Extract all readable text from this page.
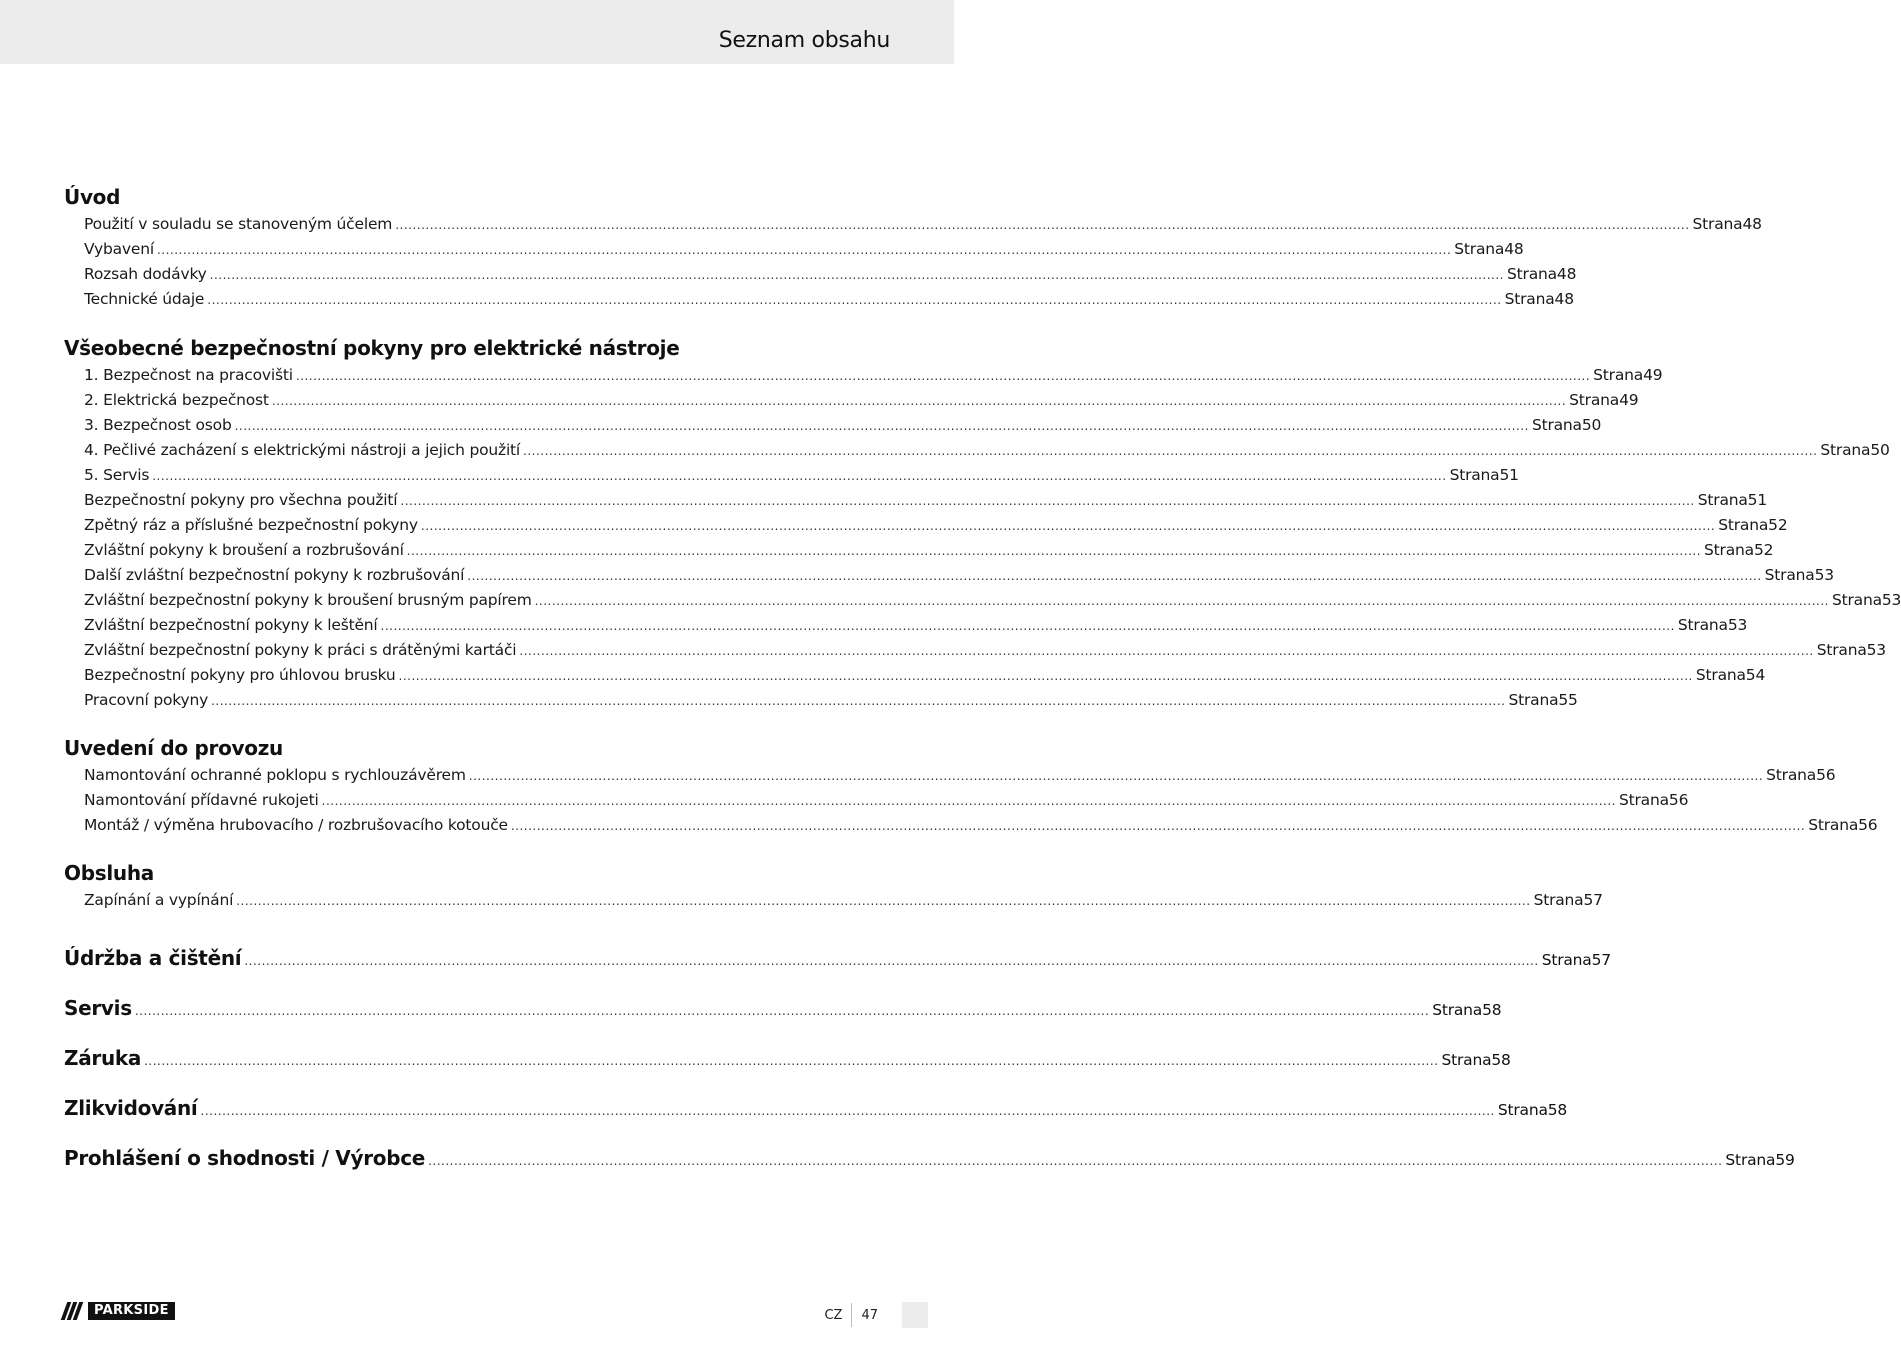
Seznam obsahu
Úvod
Použití v souladu se stanoveným účelem ............................................................................................................................................................................................................................................................................................................ Strana 48
Vybavení ............................................................................................................................................................................................................................................................................................................ Strana 48
Rozsah dodávky ............................................................................................................................................................................................................................................................................................................ Strana 48
Technické údaje ............................................................................................................................................................................................................................................................................................................ Strana 48
Všeobecné bezpečnostní pokyny pro elektrické nástroje
1. Bezpečnost na pracovišti ............................................................................................................................................................................................................................................................................................................ Strana 49
2. Elektrická bezpečnost ............................................................................................................................................................................................................................................................................................................ Strana 49
3. Bezpečnost osob ............................................................................................................................................................................................................................................................................................................ Strana 50
4. Pečlivé zacházení s elektrickými nástroji a jejich použití ............................................................................................................................................................................................................................................................................................................ Strana 50
5. Servis ............................................................................................................................................................................................................................................................................................................ Strana 51
Bezpečnostní pokyny pro všechna použití ............................................................................................................................................................................................................................................................................................................ Strana 51
Zpětný ráz a příslušné bezpečnostní pokyny ............................................................................................................................................................................................................................................................................................................ Strana 52
Zvláštní pokyny k broušení a rozbrušování ............................................................................................................................................................................................................................................................................................................ Strana 52
Další zvláštní bezpečnostní pokyny k rozbrušování ............................................................................................................................................................................................................................................................................................................ Strana 53
Zvláštní bezpečnostní pokyny k broušení brusným papírem ............................................................................................................................................................................................................................................................................................................ Strana 53
Zvláštní bezpečnostní pokyny k leštění ............................................................................................................................................................................................................................................................................................................ Strana 53
Zvláštní bezpečnostní pokyny k práci s drátěnými kartáči ............................................................................................................................................................................................................................................................................................................ Strana 53
Bezpečnostní pokyny pro úhlovou brusku ............................................................................................................................................................................................................................................................................................................ Strana 54
Pracovní pokyny ............................................................................................................................................................................................................................................................................................................ Strana 55
Uvedení do provozu
Namontování ochranné poklopu s rychlouzávěrem ............................................................................................................................................................................................................................................................................................................ Strana 56
Namontování přídavné rukojeti ............................................................................................................................................................................................................................................................................................................ Strana 56
Montáž / výměna hrubovacího / rozbrušovacího kotouče ............................................................................................................................................................................................................................................................................................................ Strana 56
Obsluha
Zapínání a vypínání ............................................................................................................................................................................................................................................................................................................ Strana 57
Údržba a čištění ............................................................................................................................................................................................................................................................................................................ Strana 57
Servis ............................................................................................................................................................................................................................................................................................................ Strana 58
Záruka ............................................................................................................................................................................................................................................................................................................ Strana 58
Zlikvidování ............................................................................................................................................................................................................................................................................................................ Strana 58
Prohlášení o shodnosti / Výrobce ............................................................................................................................................................................................................................................................................................................ Strana 59
PARKSIDE	CZ	47
